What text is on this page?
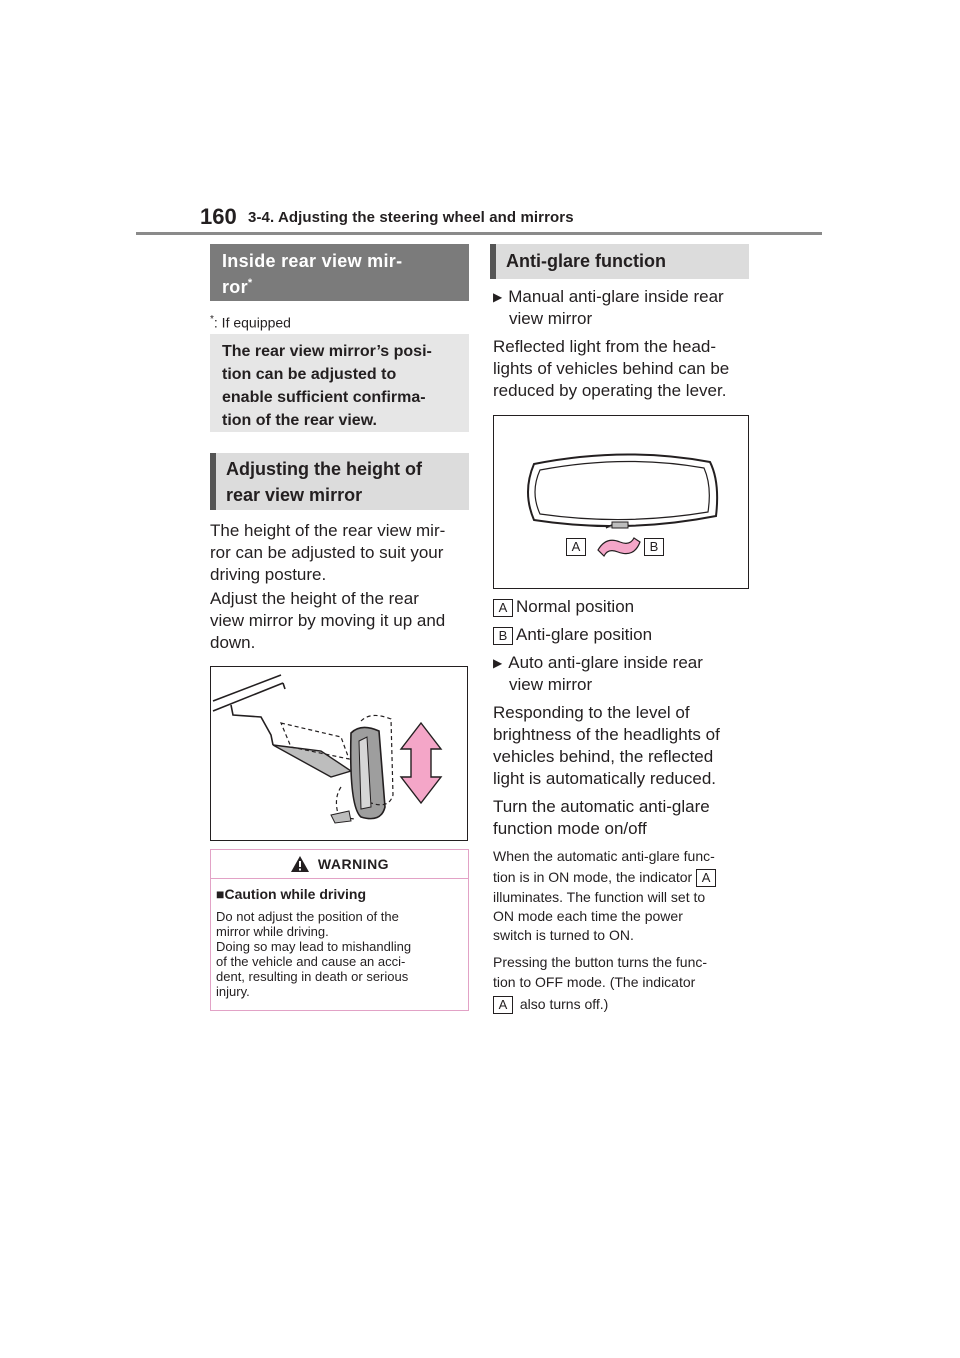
160 3-4. Adjusting the steering wheel and mirrors
Inside rear view mir-
ror*
*: If equipped
The rear view mirror’s posi-
tion can be adjusted to
enable sufficient confirma-
tion of the rear view.
Adjusting the height of
rear view mirror
The height of the rear view mir-
ror can be adjusted to suit your
driving posture.
Adjust the height of the rear
view mirror by moving it up and
down.
WARNING
■Caution while driving
Do not adjust the position of the
mirror while driving.
Doing so may lead to mishandling
of the vehicle and cause an acci-
dent, resulting in death or serious
injury.
Anti-glare function
▶ Manual anti-glare inside rear
view mirror
Reflected light from the head-
lights of vehicles behind can be
reduced by operating the lever.
A	B
A Normal position
B Anti-glare position
▶ Auto anti-glare inside rear
view mirror
Responding to the level of
brightness of the headlights of
vehicles behind, the reflected
light is automatically reduced.
Turn the automatic anti-glare
function mode on/off
When the automatic anti-glare func-
tion is in ON mode, the indicator A
illuminates. The function will set to
ON mode each time the power
switch is turned to ON.
Pressing the button turns the func-
tion to OFF mode. (The indicator
A also turns off.)
